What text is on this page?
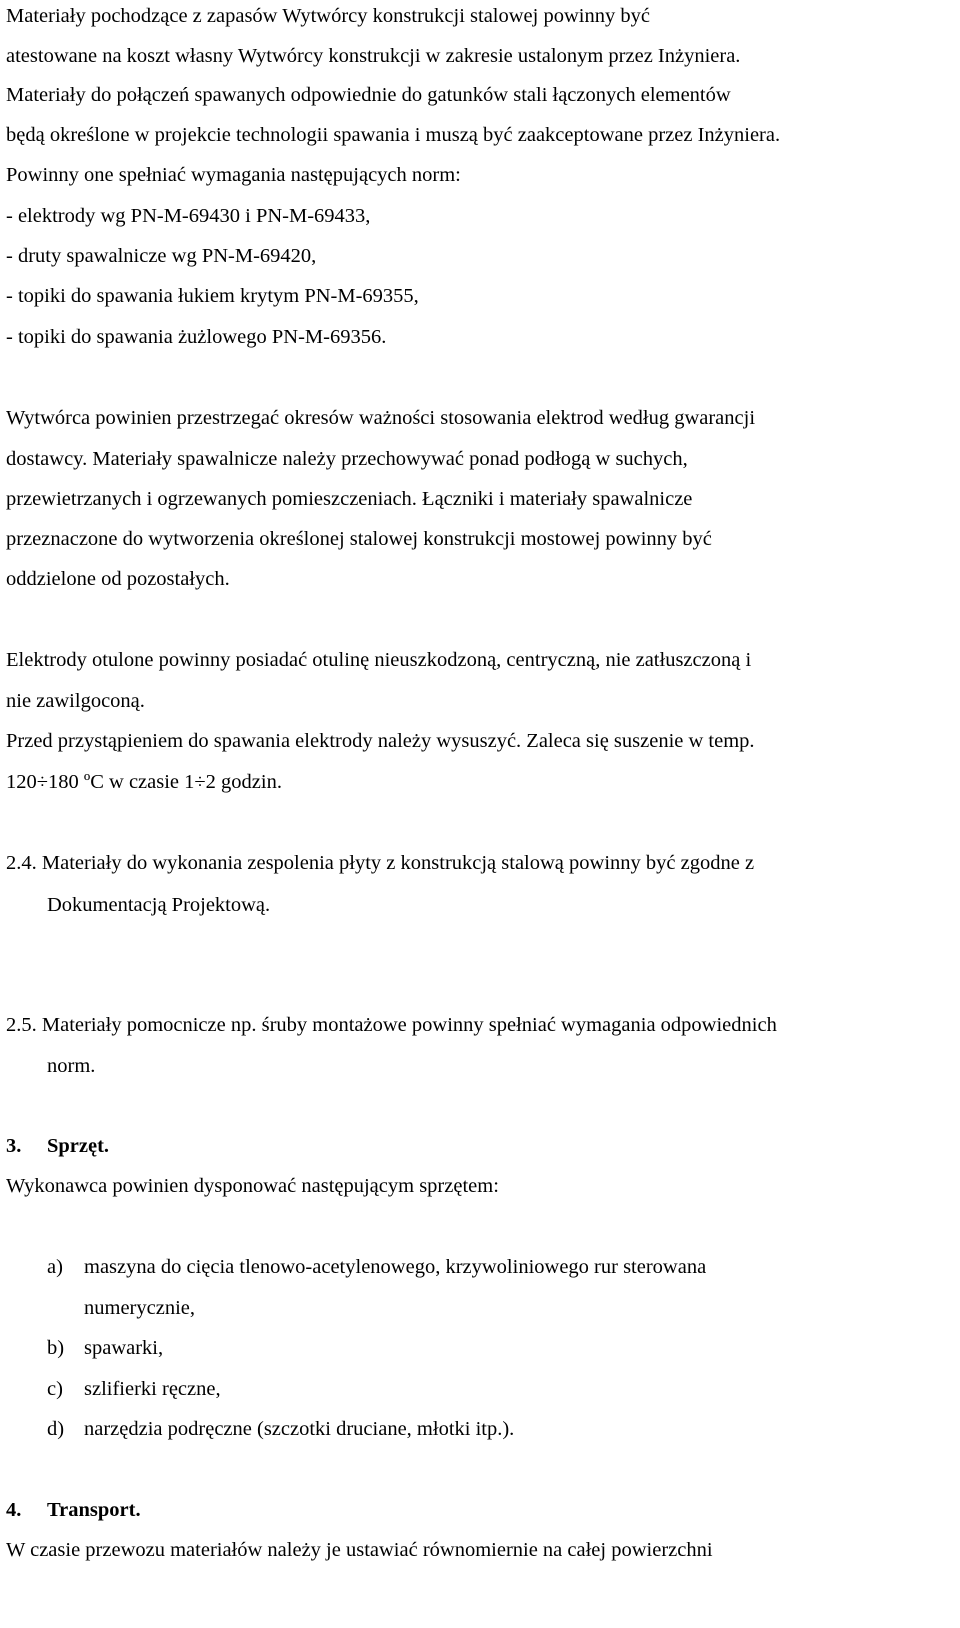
Materiały pochodzące z zapasów Wytwórcy konstrukcji stalowej powinny być
atestowane na koszt własny Wytwórcy konstrukcji w zakresie ustalonym przez Inżyniera.
Materiały do połączeń spawanych odpowiednie do gatunków stali łączonych elementów
będą określone w projekcie technologii spawania i muszą być zaakceptowane przez Inżyniera.
Powinny one spełniać wymagania następujących norm:
- elektrody wg PN-M-69430 i PN-M-69433,
- druty spawalnicze wg PN-M-69420,
- topiki do spawania łukiem krytym PN-M-69355,
- topiki do spawania żużlowego PN-M-69356.
Wytwórca powinien przestrzegać okresów ważności stosowania elektrod według gwarancji
dostawcy. Materiały spawalnicze należy przechowywać ponad podłogą w suchych,
przewietrzanych i ogrzewanych pomieszczeniach. Łączniki i materiały spawalnicze
przeznaczone do wytworzenia określonej stalowej konstrukcji mostowej powinny być
oddzielone od pozostałych.
Elektrody otulone powinny posiadać otulinę nieuszkodzoną, centryczną, nie zatłuszczoną i
nie zawilgoconą.
Przed przystąpieniem do spawania elektrody należy wysuszyć. Zaleca się suszenie w temp.
120÷180 ºC w czasie 1÷2 godzin.
2.4. Materiały do wykonania zespolenia płyty z konstrukcją stalową powinny być zgodne z
Dokumentacją Projektową.
2.5. Materiały pomocnicze np. śruby montażowe powinny spełniać wymagania odpowiednich
norm.
3. Sprzęt.
Wykonawca powinien dysponować następującym sprzętem:
a) maszyna do cięcia tlenowo-acetylenowego, krzywoliniowego rur sterowana
numerycznie,
b) spawarki,
c) szlifierki ręczne,
d) narzędzia podręczne (szczotki druciane, młotki itp.).
4. Transport.
W czasie przewozu materiałów należy je ustawiać równomiernie na całej powierzchni
